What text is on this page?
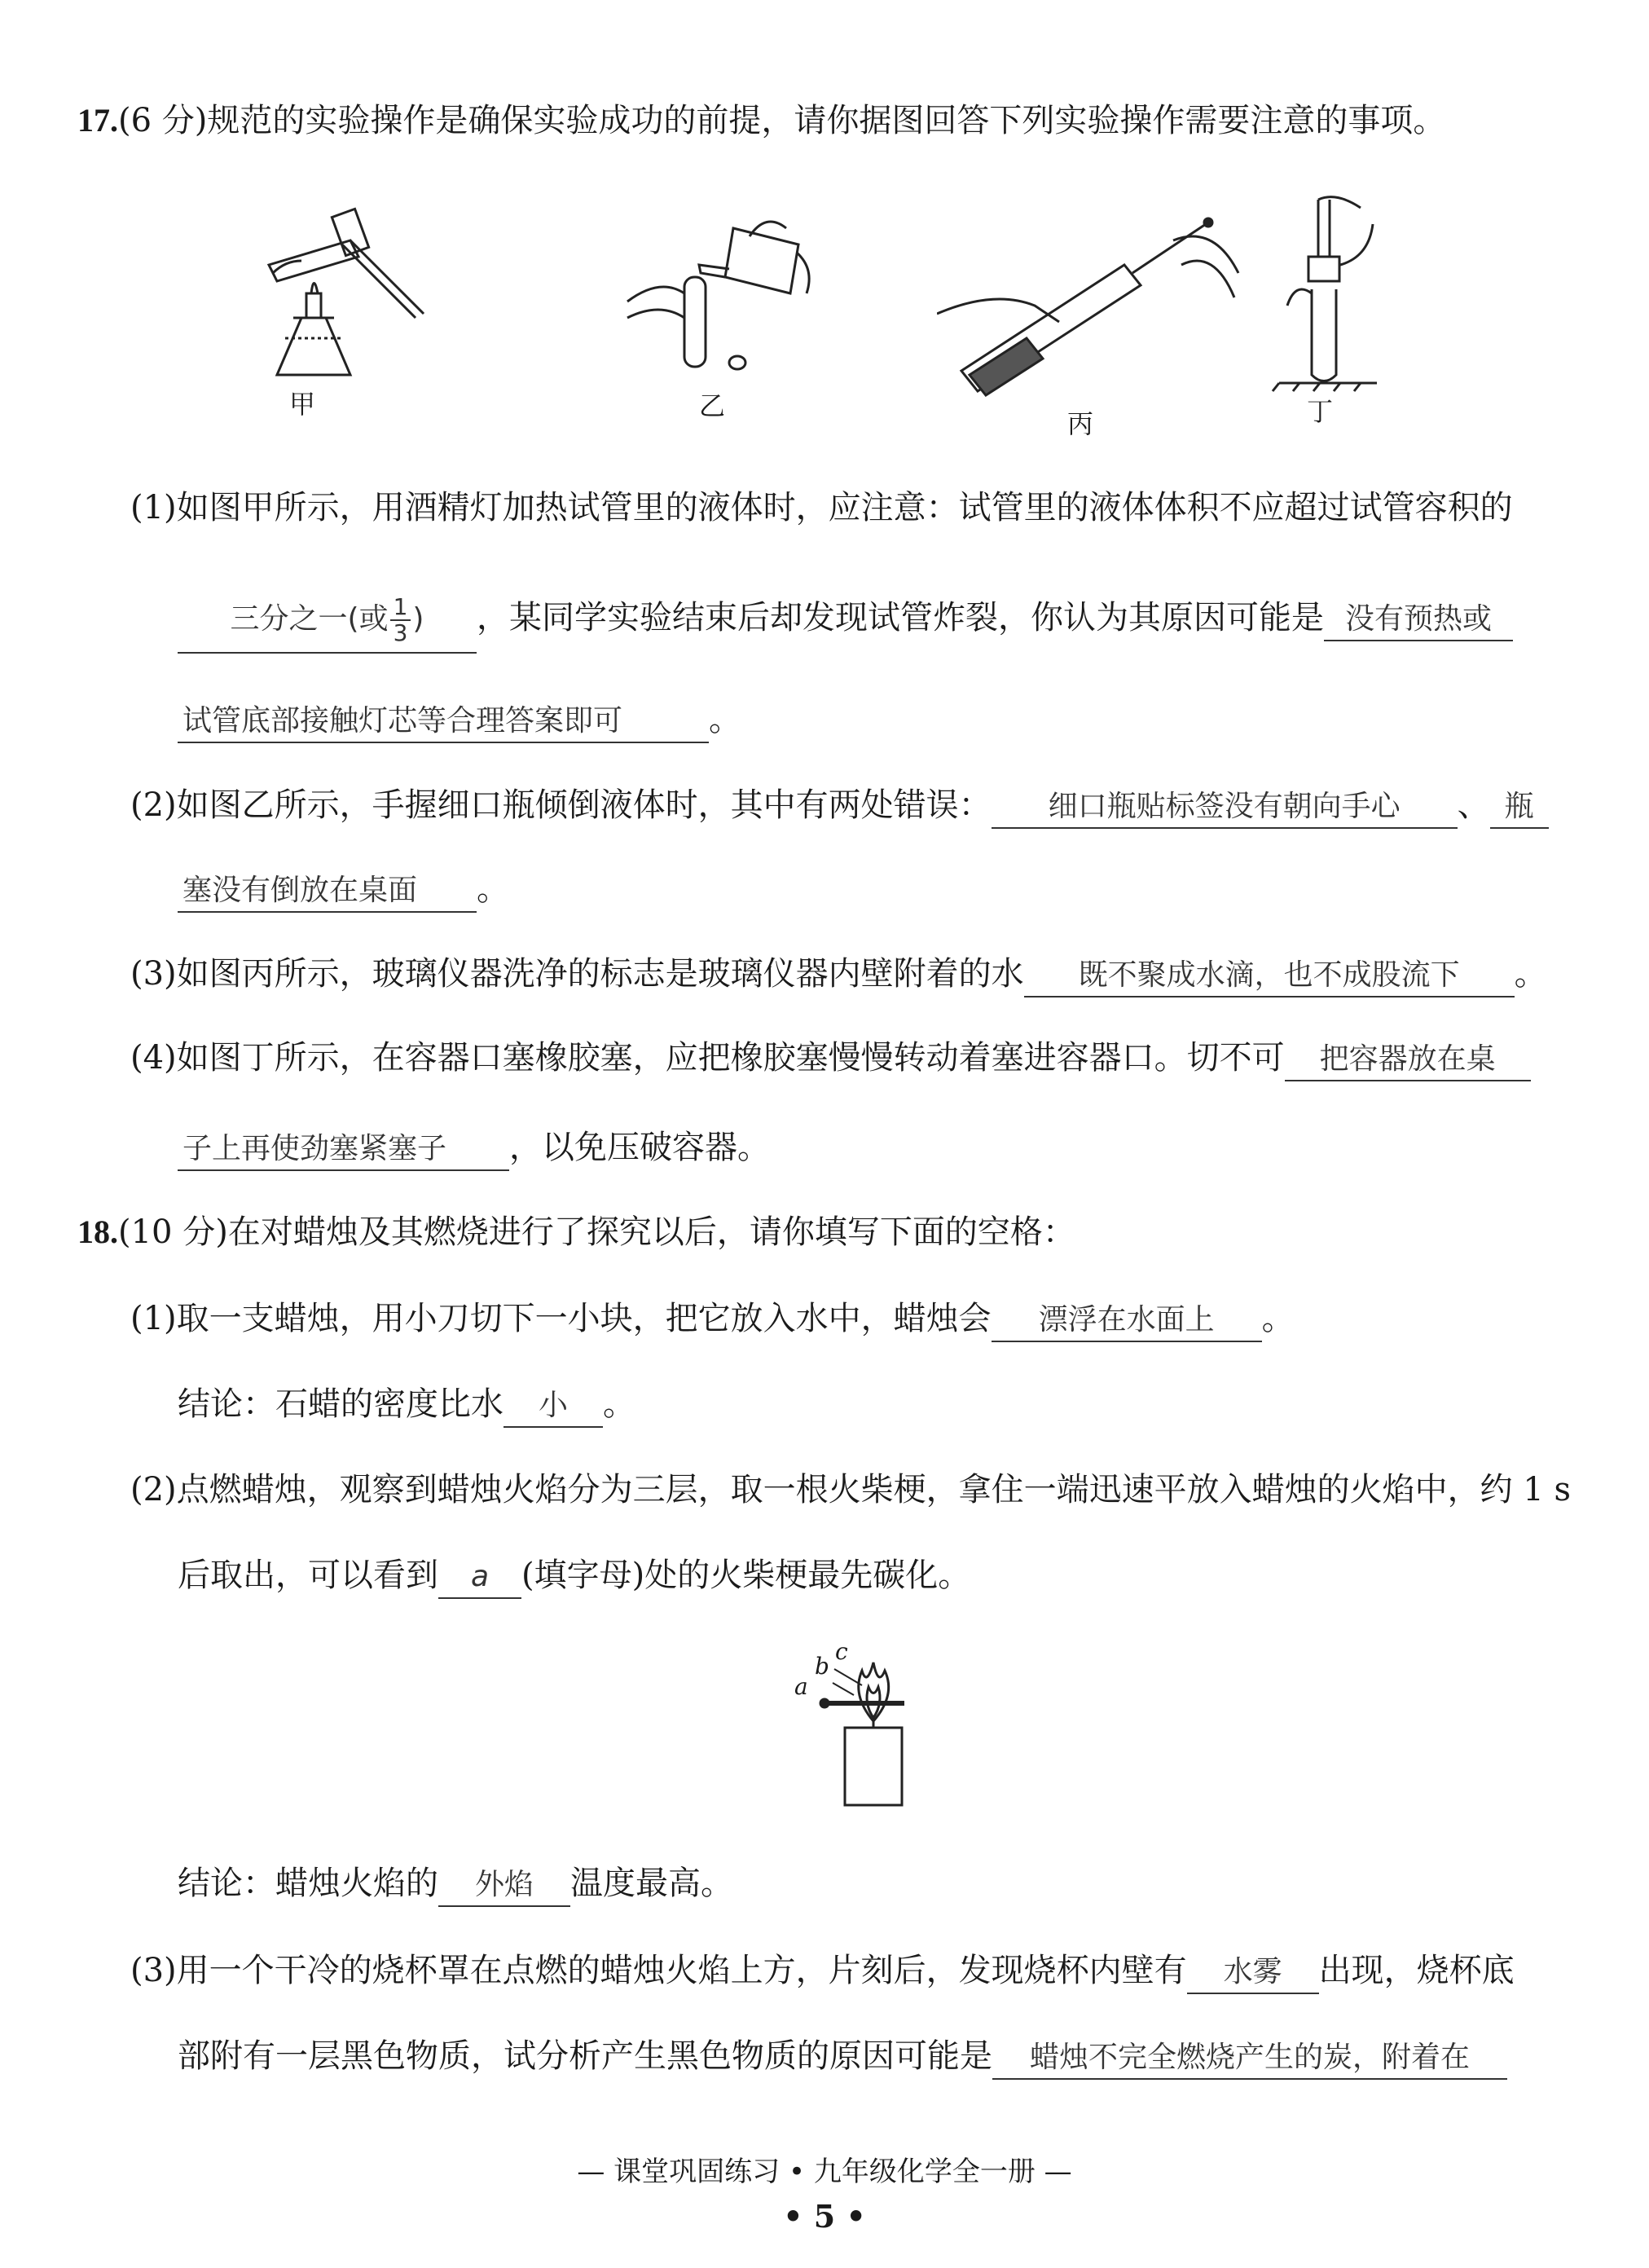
17.(6 分)规范的实验操作是确保实验成功的前提，请你据图回答下列实验操作需要注意的事项。
甲	乙
丙	丁
(1)如图甲所示，用酒精灯加热试管里的液体时，应注意：试管里的液体体积不应超过试管容积的
三分之一(或 $\frac{1}{3}$ ) ，某同学实验结束后却发现试管炸裂，你认为其原因可能是 没有预热或
试管底部接触灯芯等合理答案即可	。
(2)如图乙所示，手握细口瓶倾倒液体时，其中有两处错误： 细口瓶贴标签没有朝向手心 、 瓶
塞没有倒放在桌面 。
(3)如图丙所示，玻璃仪器洗净的标志是玻璃仪器内壁附着的水 既不聚成水滴，也不成股流下 。
(4)如图丁所示，在容器口塞橡胶塞，应把橡胶塞慢慢转动着塞进容器口。切不可 把容器放在桌
子上再使劲塞紧塞子 ，以免压破容器。
18.(10 分)在对蜡烛及其燃烧进行了探究以后，请你填写下面的空格：
(1)取一支蜡烛，用小刀切下一小块，把它放入水中，蜡烛会 漂浮在水面上 。
结论：石蜡的密度比水 小 。
(2)点燃蜡烛，观察到蜡烛火焰分为三层，取一根火柴梗，拿住一端迅速平放入蜡烛的火焰中，约 1 s
后取出，可以看到 a (填字母)处的火柴梗最先碳化。
a
b
c
结论：蜡烛火焰的 外焰 温度最高。
(3)用一个干冷的烧杯罩在点燃的蜡烛火焰上方，片刻后，发现烧杯内壁有 水雾 出现，烧杯底
部附有一层黑色物质，试分析产生黑色物质的原因可能是 蜡烛不完全燃烧产生的炭，附着在
— 课堂巩固练习 • 九年级化学全一册 —
• 5 •
